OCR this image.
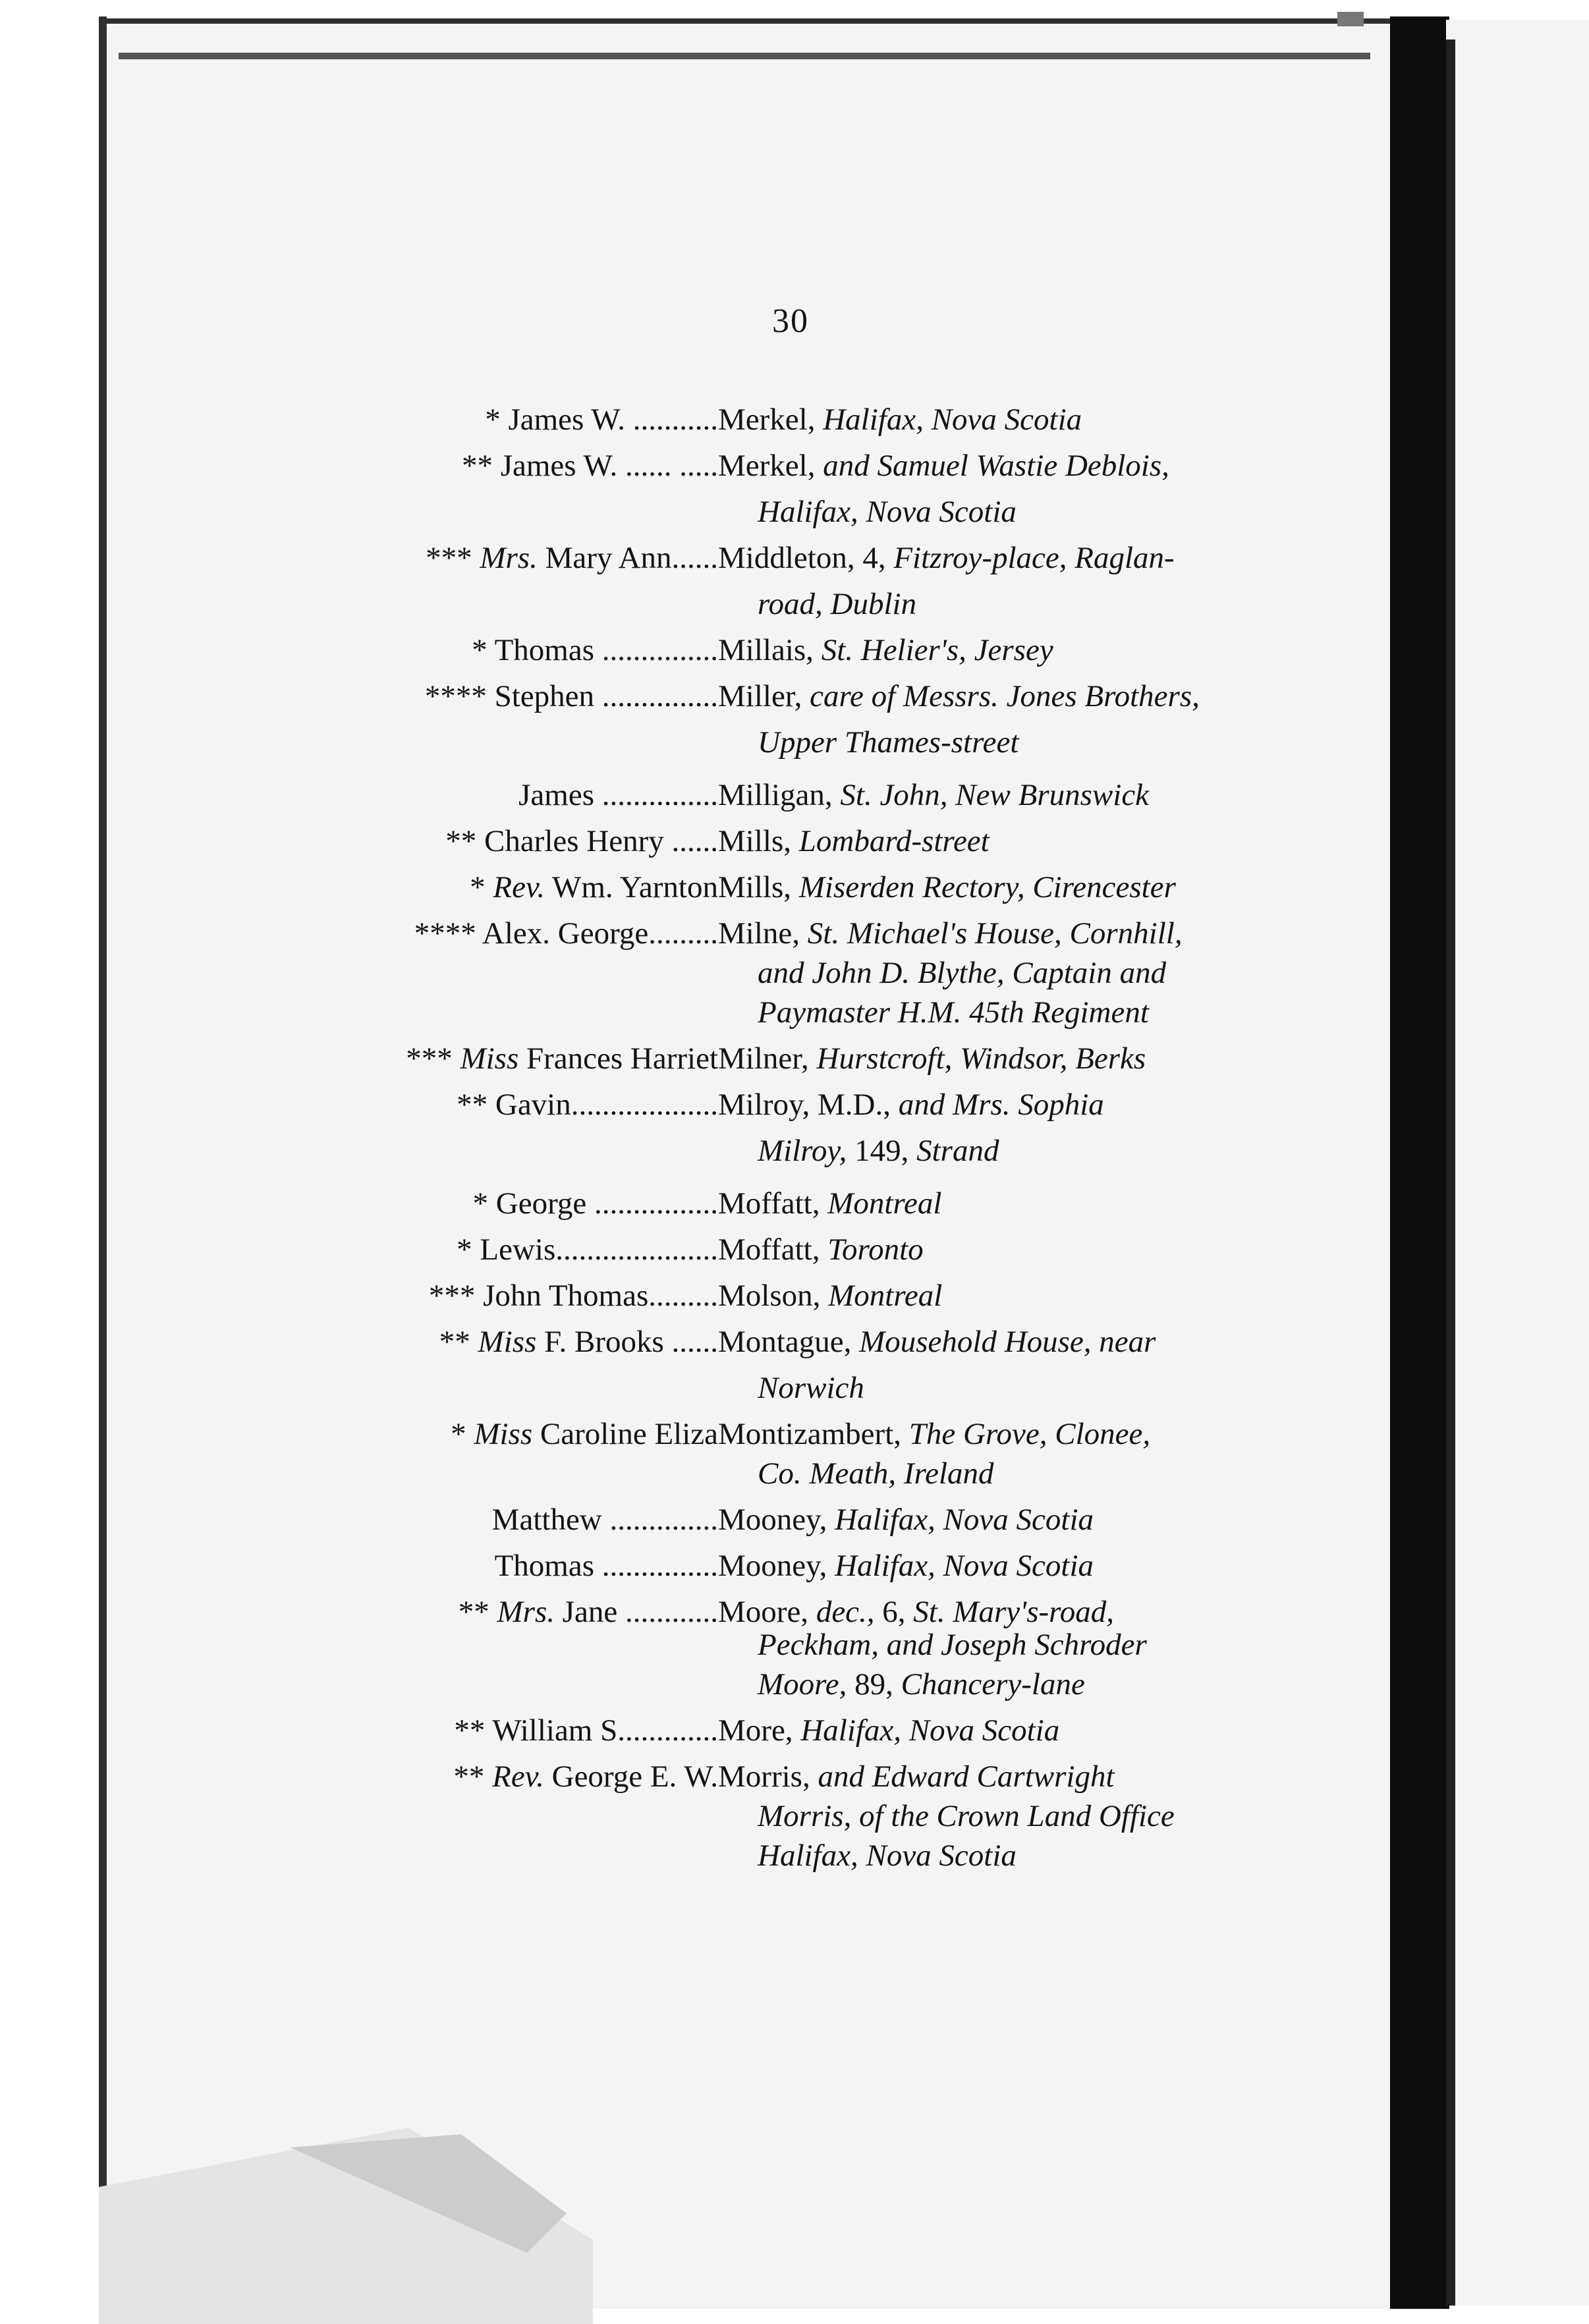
30
* James W. ........... Merkel, Halifax, Nova Scotia
** James W. ...... ..... Merkel, and Samuel Wastie Deblois,
Halifax, Nova Scotia
*** Mrs. Mary Ann...... Middleton, 4, Fitzroy-place, Raglan-
road, Dublin
* Thomas ............... Millais, St. Helier's, Jersey
**** Stephen ............... Miller, care of Messrs. Jones Brothers,
Upper Thames-street
James ............... Milligan, St. John, New Brunswick
** Charles Henry ...... Mills, Lombard-street
* Rev. Wm. Yarnton Mills, Miserden Rectory, Cirencester
**** Alex. George......... Milne, St. Michael's House, Cornhill,
and John D. Blythe, Captain and
Paymaster H.M. 45th Regiment
*** Miss Frances Harriet Milner, Hurstcroft, Windsor, Berks
** Gavin................... Milroy, M.D., and Mrs. Sophia
Milroy, 149, Strand
* George ................ Moffatt, Montreal
* Lewis..................... Moffatt, Toronto
*** John Thomas......... Molson, Montreal
** Miss F. Brooks ...... Montague, Mousehold House, near
Norwich
* Miss Caroline Eliza Montizambert, The Grove, Clonee,
Co. Meath, Ireland
Matthew .............. Mooney, Halifax, Nova Scotia
Thomas ............... Mooney, Halifax, Nova Scotia
** Mrs. Jane ............ Moore, dec., 6, St. Mary's-road,
Peckham, and Joseph Schroder
Moore, 89, Chancery-lane
** William S............. More, Halifax, Nova Scotia
** Rev. George E. W. Morris, and Edward Cartwright
Morris, of the Crown Land Office
Halifax, Nova Scotia
